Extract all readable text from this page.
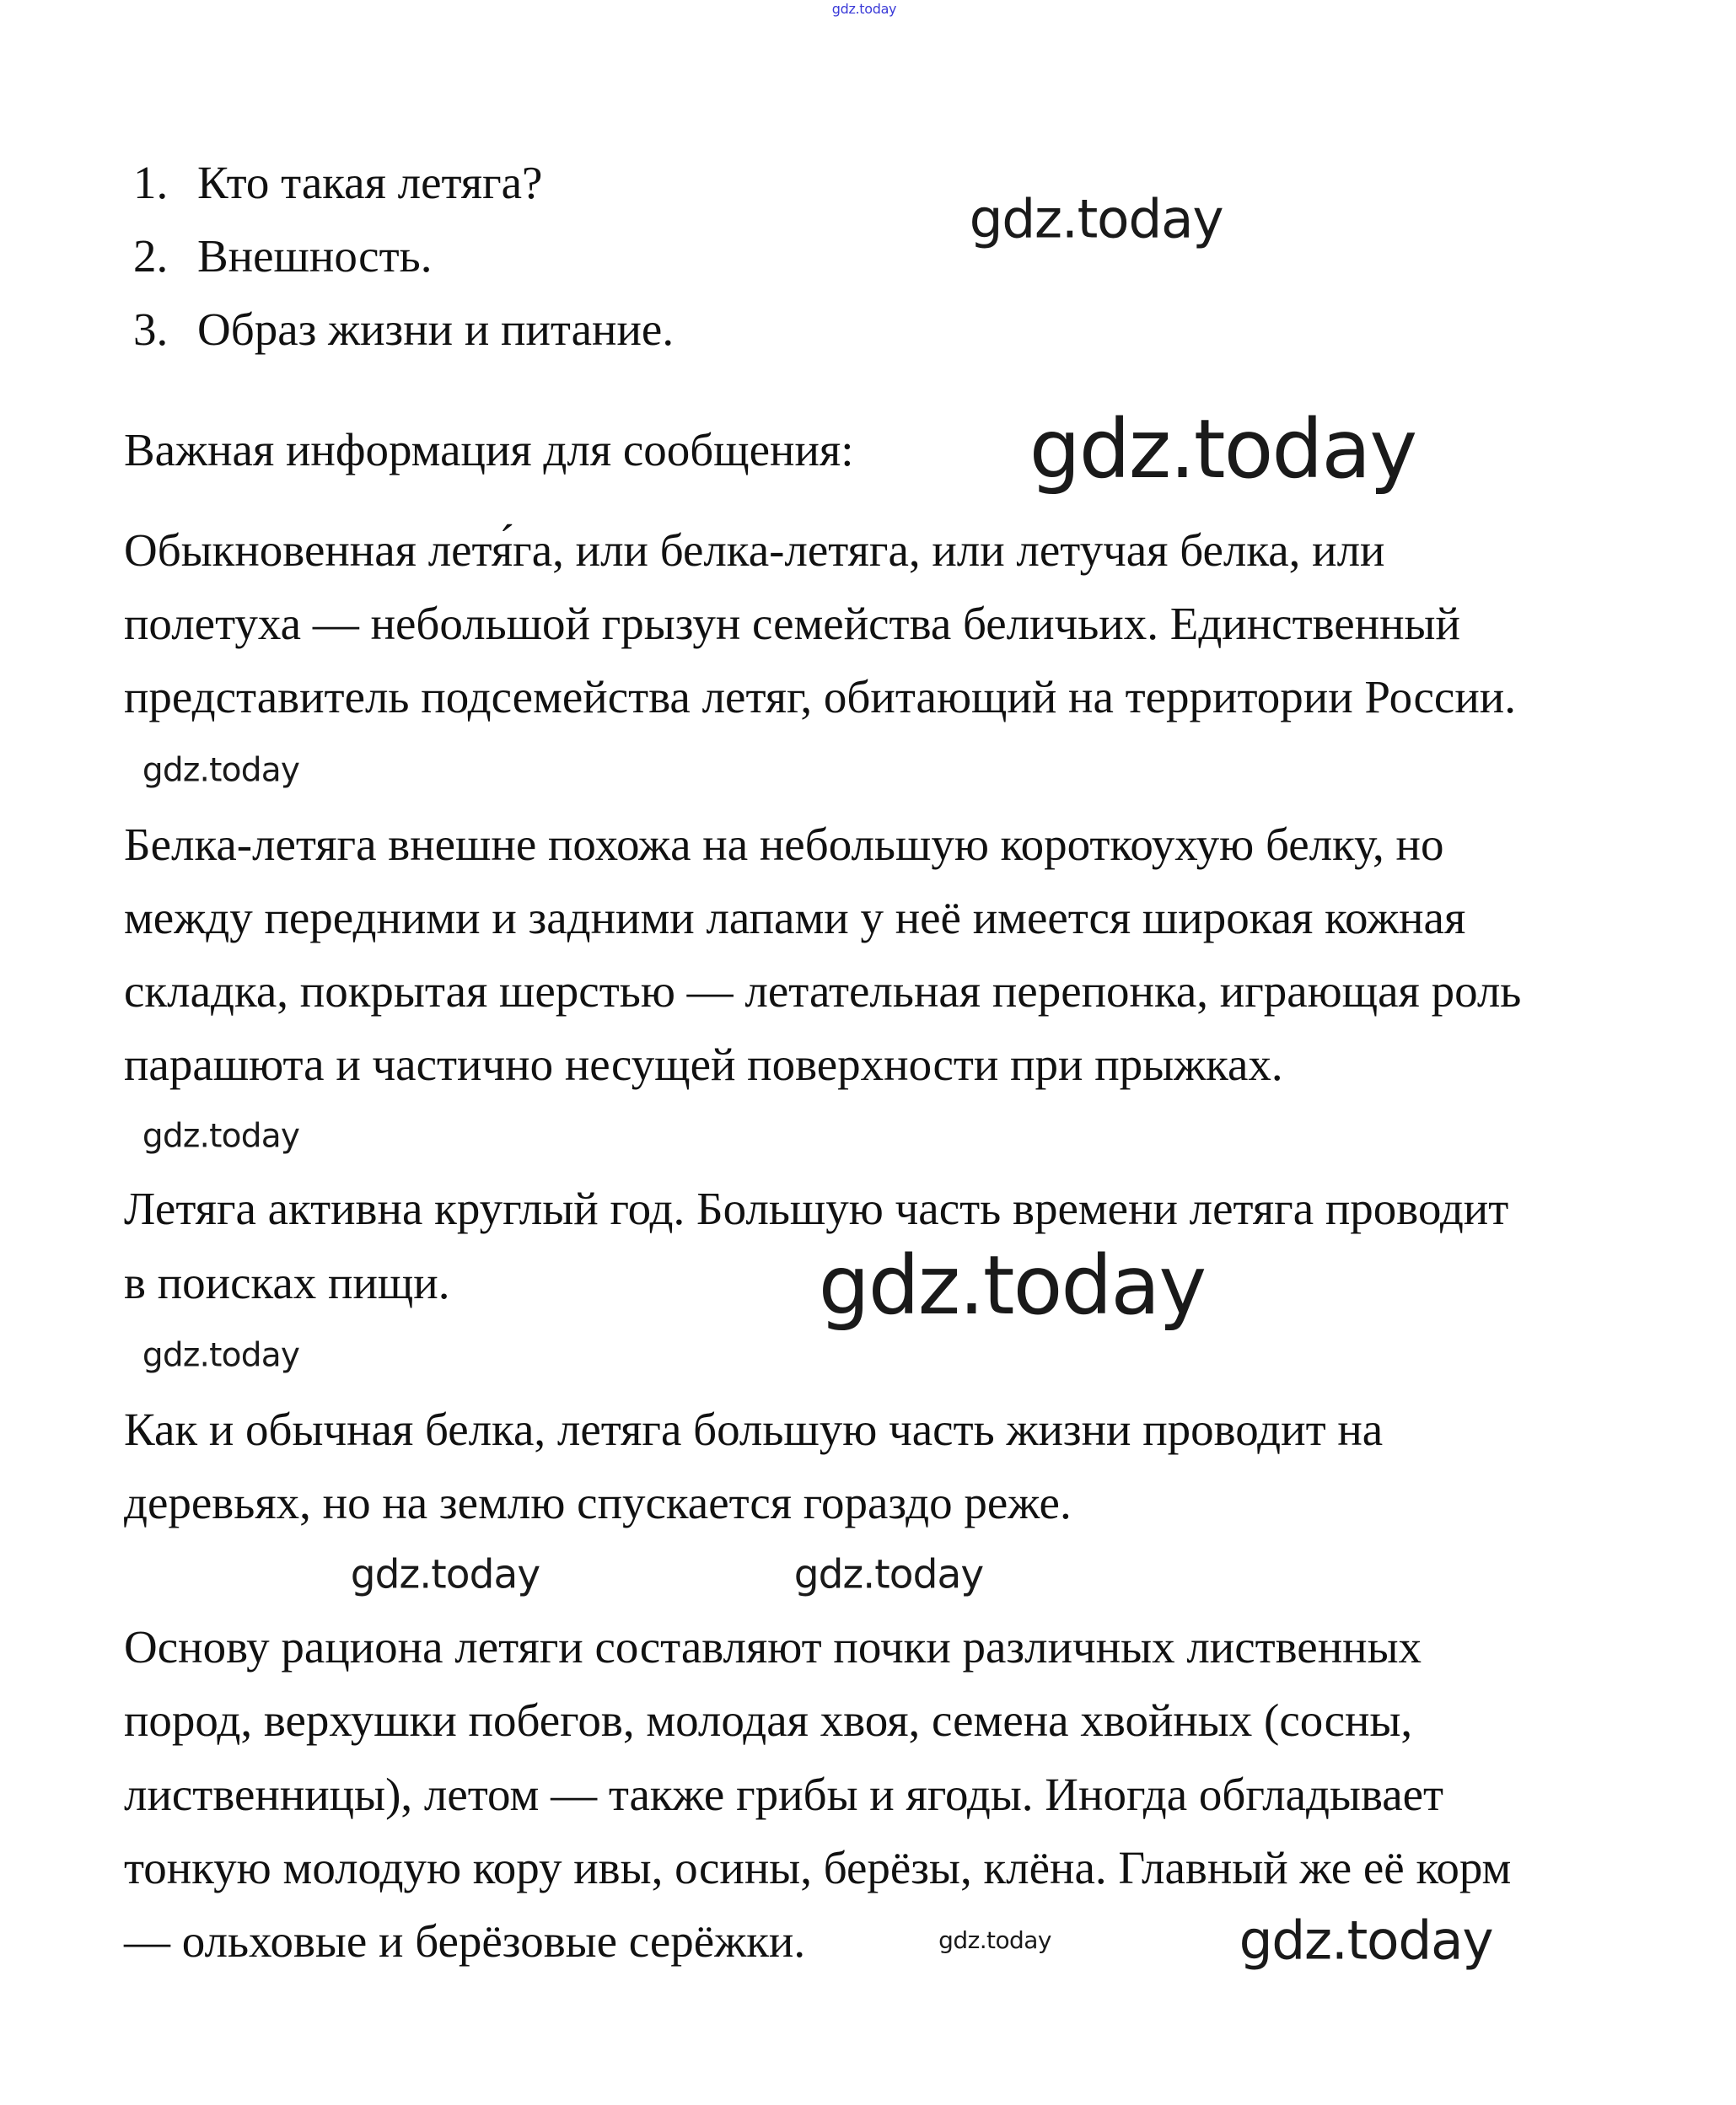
1. Кто такая летяга?
2. Внешность.
3. Образ жизни и питание.
Важная информация для сообщения:
Обыкновенная летя́га, или белка-летяга, или летучая белка, или
полетуха — небольшой грызун семейства беличьих. Единственный
представитель подсемейства летяг, обитающий на территории России.
Белка-летяга внешне похожа на небольшую короткоухую белку, но
между передними и задними лапами у неё имеется широкая кожная
складка, покрытая шерстью — летательная перепонка, играющая роль
парашюта и частично несущей поверхности при прыжках.
Летяга активна круглый год. Большую часть времени летяга проводит
в поисках пищи.
Как и обычная белка, летяга большую часть жизни проводит на
деревьях, но на землю спускается гораздо реже.
Основу рациона летяги составляют почки различных лиственных
пород, верхушки побегов, молодая хвоя, семена хвойных (сосны,
лиственницы), летом — также грибы и ягоды. Иногда обгладывает
тонкую молодую кору ивы, осины, берёзы, клёна. Главный же её корм
— ольховые и берёзовые серёжки.
gdz.today
gdz.today
gdz.today
gdz.today
gdz.today
gdz.today
gdz.today
gdz.today	gdz.today
gdz.today
gdz.today
